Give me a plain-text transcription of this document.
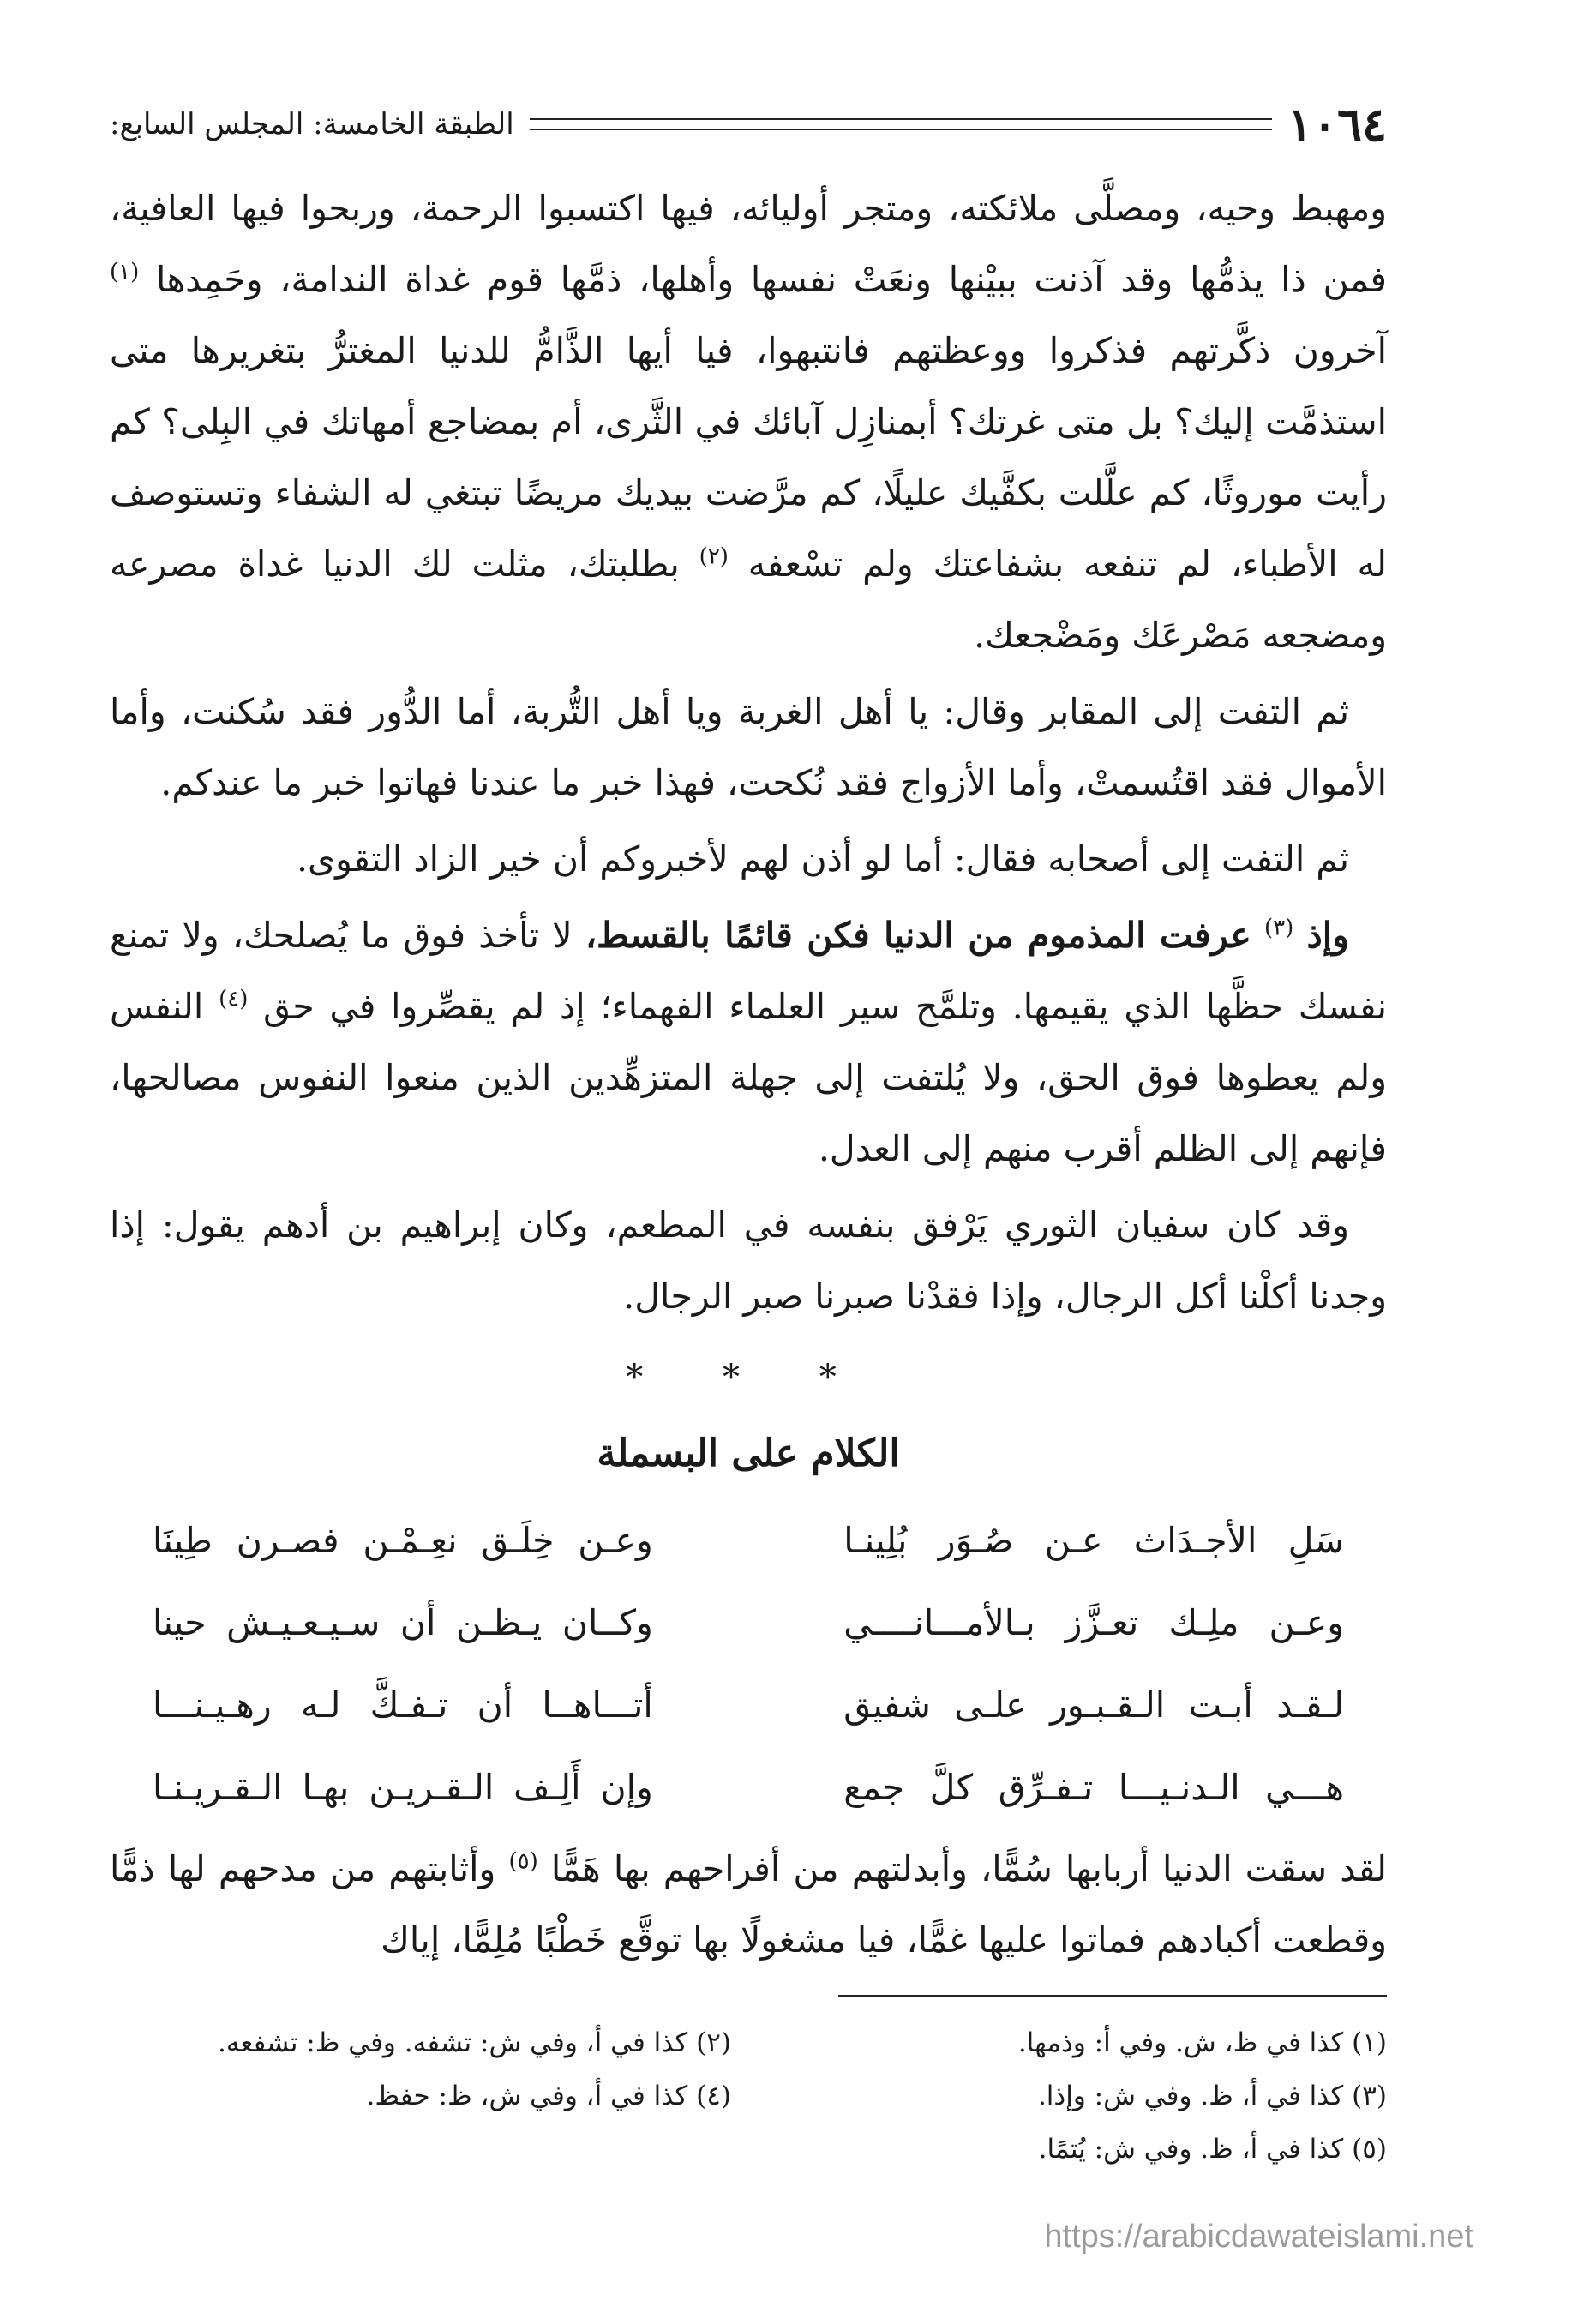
١٠٦٤
الطبقة الخامسة: المجلس السابع:

ومهبط وحيه، ومصلَّى ملائكته، ومتجر أوليائه، فيها اكتسبوا الرحمة، وربحوا فيها العافية، فمن ذا يذمُّها وقد آذنت ببيْنها ونعَتْ نفسها وأهلها، ذمَّها قوم غداة الندامة، وحَمِدها $^{(١)}$ آخرون ذكَّرتهم فذكروا ووعظتهم فانتبهوا، فيا أيها الذَّامُّ للدنيا المغترُّ بتغريرها متى استذمَّت إليك؟ بل متى غرتك؟ أبمنازِل آبائك في الثَّرى، أم بمضاجع أمهاتك في البِلى؟ كم رأيت موروثًا، كم علَّلت بكفَّيك عليلًا، كم مرَّضت بيديك مريضًا تبتغي له الشفاء وتستوصف له الأطباء، لم تنفعه بشفاعتك ولم تسْعفه $^{(٢)}$ بطلبتك، مثلت لك الدنيا غداة مصرعه ومضجعه مَصْرعَك ومَضْجعك.

ثم التفت إلى المقابر وقال: يا أهل الغربة ويا أهل التُّربة، أما الدُّور فقد سُكنت، وأما الأموال فقد اقتُسمتْ، وأما الأزواج فقد نُكحت، فهذا خبر ما عندنا فهاتوا خبر ما عندكم.

ثم التفت إلى أصحابه فقال: أما لو أذن لهم لأخبروكم أن خير الزاد التقوى.

وإذ $^{(٣)}$ عرفت المذموم من الدنيا فكن قائمًا بالقسط، لا تأخذ فوق ما يُصلحك، ولا تمنع نفسك حظَّها الذي يقيمها. وتلمَّح سير العلماء الفهماء؛ إذ لم يقصِّروا في حق $^{(٤)}$ النفس ولم يعطوها فوق الحق، ولا يُلتفت إلى جهلة المتزهِّدين الذين منعوا النفوس مصالحها، فإنهم إلى الظلم أقرب منهم إلى العدل.

وقد كان سفيان الثوري يَرْفق بنفسه في المطعم، وكان إبراهيم بن أدهم يقول: إذا وجدنا أكلْنا أكل الرجال، وإذا فقدْنا صبرنا صبر الرجال.

* * *
الكلام على البسملة
سَلِ الأجـدَاث عـن صُـوَر بُلِينـا
وعـن خِلَـق نعِـمْـن فصـرن طِينَا
وعـن ملِـك تعـزَّز بـالأمـــانــــي
وكــان يـظـن أن سـيـعـيـش حينا
لـقـد أبـت الـقـبـور علـى شفيق
أتـــاهــا أن تـفـكَّ لـه رهـيـنـــا
هـــي الـدنـيـــا تـفـرِّق كلَّ جمع
وإن أَلِـف الـقـريـن بهـا الـقـريـنـا

لقد سقت الدنيا أربابها سُمًّا، وأبدلتهم من أفراحهم بها هَمًّا $^{(٥)}$ وأثابتهم من مدحهم لها ذمًّا وقطعت أكبادهم فماتوا عليها غمًّا، فيا مشغولًا بها توقَّع خَطْبًا مُلِمًّا، إياك

(١) كذا في ظ، ش. وفي أ: وذمها.
(٢) كذا في أ، وفي ش: تشفه. وفي ظ: تشفعه.
(٣) كذا في أ، ظ. وفي ش: وإذا.
(٤) كذا في أ، وفي ش، ظ: حفظ.
(٥) كذا في أ، ظ. وفي ش: يُتمًا.
https://arabicdawateislami.net
